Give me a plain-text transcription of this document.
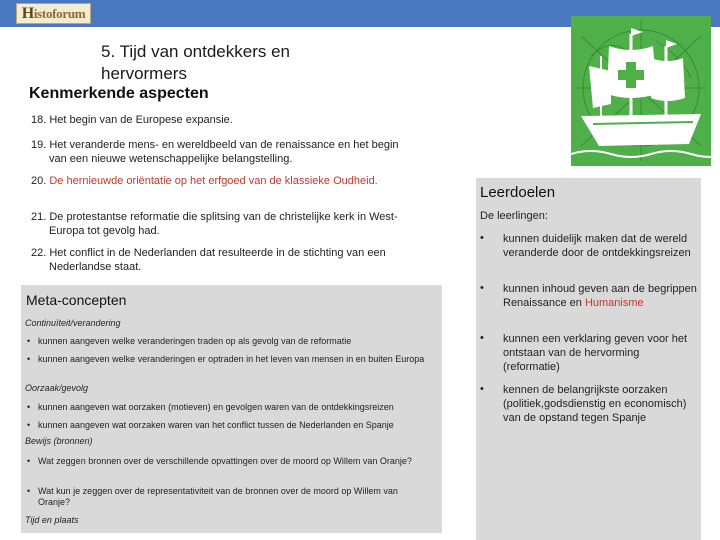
H istoforum
5. Tijd van ontdekkers en hervormers
Kenmerkende aspecten
18. Het begin van de Europese expansie.
19. Het veranderde mens- en wereldbeeld van de renaissance en het begin van een nieuwe wetenschappelijke belangstelling.
20. De hernieuwde oriëntatie op het erfgoed van de klassieke Oudheid.
21. De protestantse reformatie die splitsing van de christelijke kerk in West-Europa tot gevolg had.
22. Het conflict in de Nederlanden dat resulteerde in de stichting van een Nederlandse staat.
Meta-concepten
Continuïteit/verandering
• kunnen aangeven welke veranderingen traden op als gevolg van de reformatie
• kunnen aangeven welke veranderingen er optraden in het leven van mensen in en buiten Europa
Oorzaak/gevolg
• kunnen aangeven wat oorzaken (motieven) en gevolgen waren van de ontdekkingsreizen
• kunnen aangeven wat oorzaken waren van het conflict tussen de Nederlanden en Spanje
Bewijs (bronnen)
• Wat zeggen bronnen over de verschillende opvattingen over de moord op Willem van Oranje?
• Wat kun je zeggen over de representativiteit van de bronnen over de moord op Willem van Oranje?
Tijd en plaats
Leerdoelen
De leerlingen:
• kunnen duidelijk maken dat de wereld veranderde door de ontdekkingsreizen
• kunnen inhoud geven aan de begrippen Renaissance en Humanisme
• kunnen een verklaring geven voor het ontstaan van de hervorming (reformatie)
• kennen de belangrijkste oorzaken (politiek,godsdienstig en economisch) van de opstand tegen Spanje
